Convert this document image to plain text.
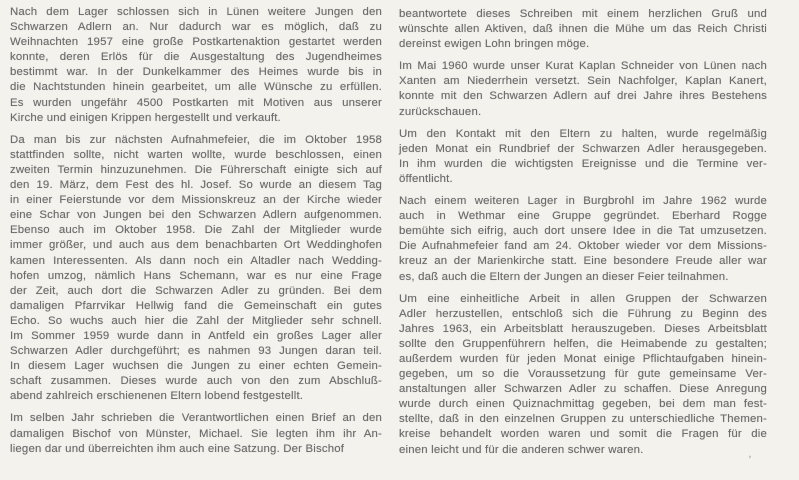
Nach dem Lager schlossen sich in Lünen weitere Jungen den
Schwarzen Adlern an. Nur dadurch war es möglich, daß zu
Weihnachten 1957 eine große Postkartenaktion gestartet werden
konnte, deren Erlös für die Ausgestaltung des Jugendheimes
bestimmt war. In der Dunkelkammer des Heimes wurde bis in
die Nachtstunden hinein gearbeitet, um alle Wünsche zu erfüllen.
Es wurden ungefähr 4500 Postkarten mit Motiven aus unserer
Kirche und einigen Krippen hergestellt und verkauft.
Da man bis zur nächsten Aufnahmefeier, die im Oktober 1958
stattfinden sollte, nicht warten wollte, wurde beschlossen, einen
zweiten Termin hinzuzunehmen. Die Führerschaft einigte sich auf
den 19. März, dem Fest des hl. Josef. So wurde an diesem Tag
in einer Feierstunde vor dem Missionskreuz an der Kirche wieder
eine Schar von Jungen bei den Schwarzen Adlern aufgenommen.
Ebenso auch im Oktober 1958. Die Zahl der Mitglieder wurde
immer größer, und auch aus dem benachbarten Ort Weddinghofen
kamen Interessenten. Als dann noch ein Altadler nach Wedding-
hofen umzog, nämlich Hans Schemann, war es nur eine Frage
der Zeit, auch dort die Schwarzen Adler zu gründen. Bei dem
damaligen Pfarrvikar Hellwig fand die Gemeinschaft ein gutes
Echo. So wuchs auch hier die Zahl der Mitglieder sehr schnell.
Im Sommer 1959 wurde dann in Antfeld ein großes Lager aller
Schwarzen Adler durchgeführt; es nahmen 93 Jungen daran teil.
In diesem Lager wuchsen die Jungen zu einer echten Gemein-
schaft zusammen. Dieses wurde auch von den zum Abschluß-
abend zahlreich erschienenen Eltern lobend festgestellt.
Im selben Jahr schrieben die Verantwortlichen einen Brief an den
damaligen Bischof von Münster, Michael. Sie legten ihm ihr An-
liegen dar und überreichten ihm auch eine Satzung. Der Bischof
beantwortete dieses Schreiben mit einem herzlichen Gruß und
wünschte allen Aktiven, daß ihnen die Mühe um das Reich Christi
dereinst ewigen Lohn bringen möge.
Im Mai 1960 wurde unser Kurat Kaplan Schneider von Lünen nach
Xanten am Niederrhein versetzt. Sein Nachfolger, Kaplan Kanert,
konnte mit den Schwarzen Adlern auf drei Jahre ihres Bestehens
zurückschauen.
Um den Kontakt mit den Eltern zu halten, wurde regelmäßig
jeden Monat ein Rundbrief der Schwarzen Adler herausgegeben.
In ihm wurden die wichtigsten Ereignisse und die Termine ver-
öffentlicht.
Nach einem weiteren Lager in Burgbrohl im Jahre 1962 wurde
auch in Wethmar eine Gruppe gegründet. Eberhard Rogge
bemühte sich eifrig, auch dort unsere Idee in die Tat umzusetzen.
Die Aufnahmefeier fand am 24. Oktober wieder vor dem Missions-
kreuz an der Marienkirche statt. Eine besondere Freude aller war
es, daß auch die Eltern der Jungen an dieser Feier teilnahmen.
Um eine einheitliche Arbeit in allen Gruppen der Schwarzen
Adler herzustellen, entschloß sich die Führung zu Beginn des
Jahres 1963, ein Arbeitsblatt herauszugeben. Dieses Arbeitsblatt
sollte den Gruppenführern helfen, die Heimabende zu gestalten;
außerdem wurden für jeden Monat einige Pflichtaufgaben hinein-
gegeben, um so die Voraussetzung für gute gemeinsame Ver-
anstaltungen aller Schwarzen Adler zu schaffen. Diese Anregung
wurde durch einen Quiznachmittag gegeben, bei dem man fest-
stellte, daß in den einzelnen Gruppen zu unterschiedliche Themen-
kreise behandelt worden waren und somit die Fragen für die
einen leicht und für die anderen schwer waren.	,
